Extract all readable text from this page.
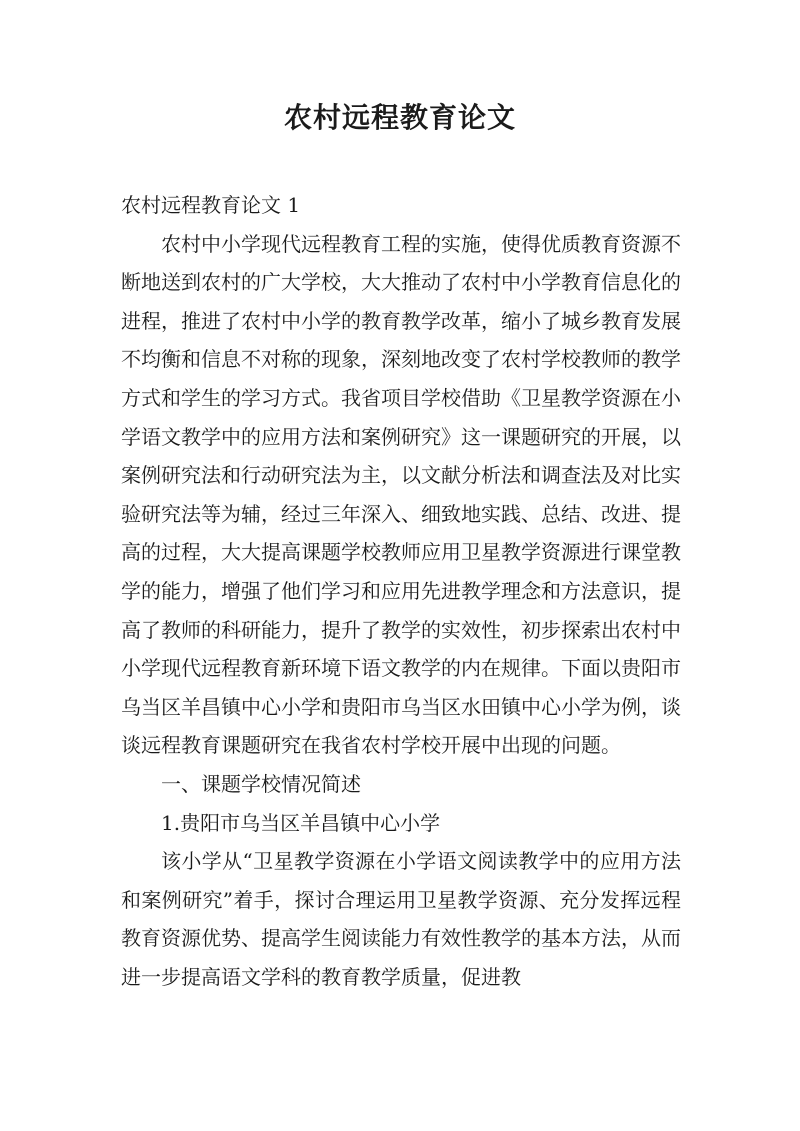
农村远程教育论文

农村远程教育论文 1

农村中小学现代远程教育工程的实施，使得优质教育资源不断地送到农村的广大学校，大大推动了农村中小学教育信息化的进程，推进了农村中小学的教育教学改革，缩小了城乡教育发展不均衡和信息不对称的现象，深刻地改变了农村学校教师的教学方式和学生的学习方式。我省项目学校借助《卫星教学资源在小学语文教学中的应用方法和案例研究》这一课题研究的开展，以案例研究法和行动研究法为主，以文献分析法和调查法及对比实验研究法等为辅，经过三年深入、细致地实践、总结、改进、提高的过程，大大提高课题学校教师应用卫星教学资源进行课堂教学的能力，增强了他们学习和应用先进教学理念和方法意识，提高了教师的科研能力，提升了教学的实效性，初步探索出农村中小学现代远程教育新环境下语文教学的内在规律。下面以贵阳市乌当区羊昌镇中心小学和贵阳市乌当区水田镇中心小学为例，谈谈远程教育课题研究在我省农村学校开展中出现的问题。

一、课题学校情况简述

1.贵阳市乌当区羊昌镇中心小学

该小学从“卫星教学资源在小学语文阅读教学中的应用方法和案例研究”着手，探讨合理运用卫星教学资源、充分发挥远程教育资源优势、提高学生阅读能力有效性教学的基本方法，从而进一步提高语文学科的教育教学质量，促进教
